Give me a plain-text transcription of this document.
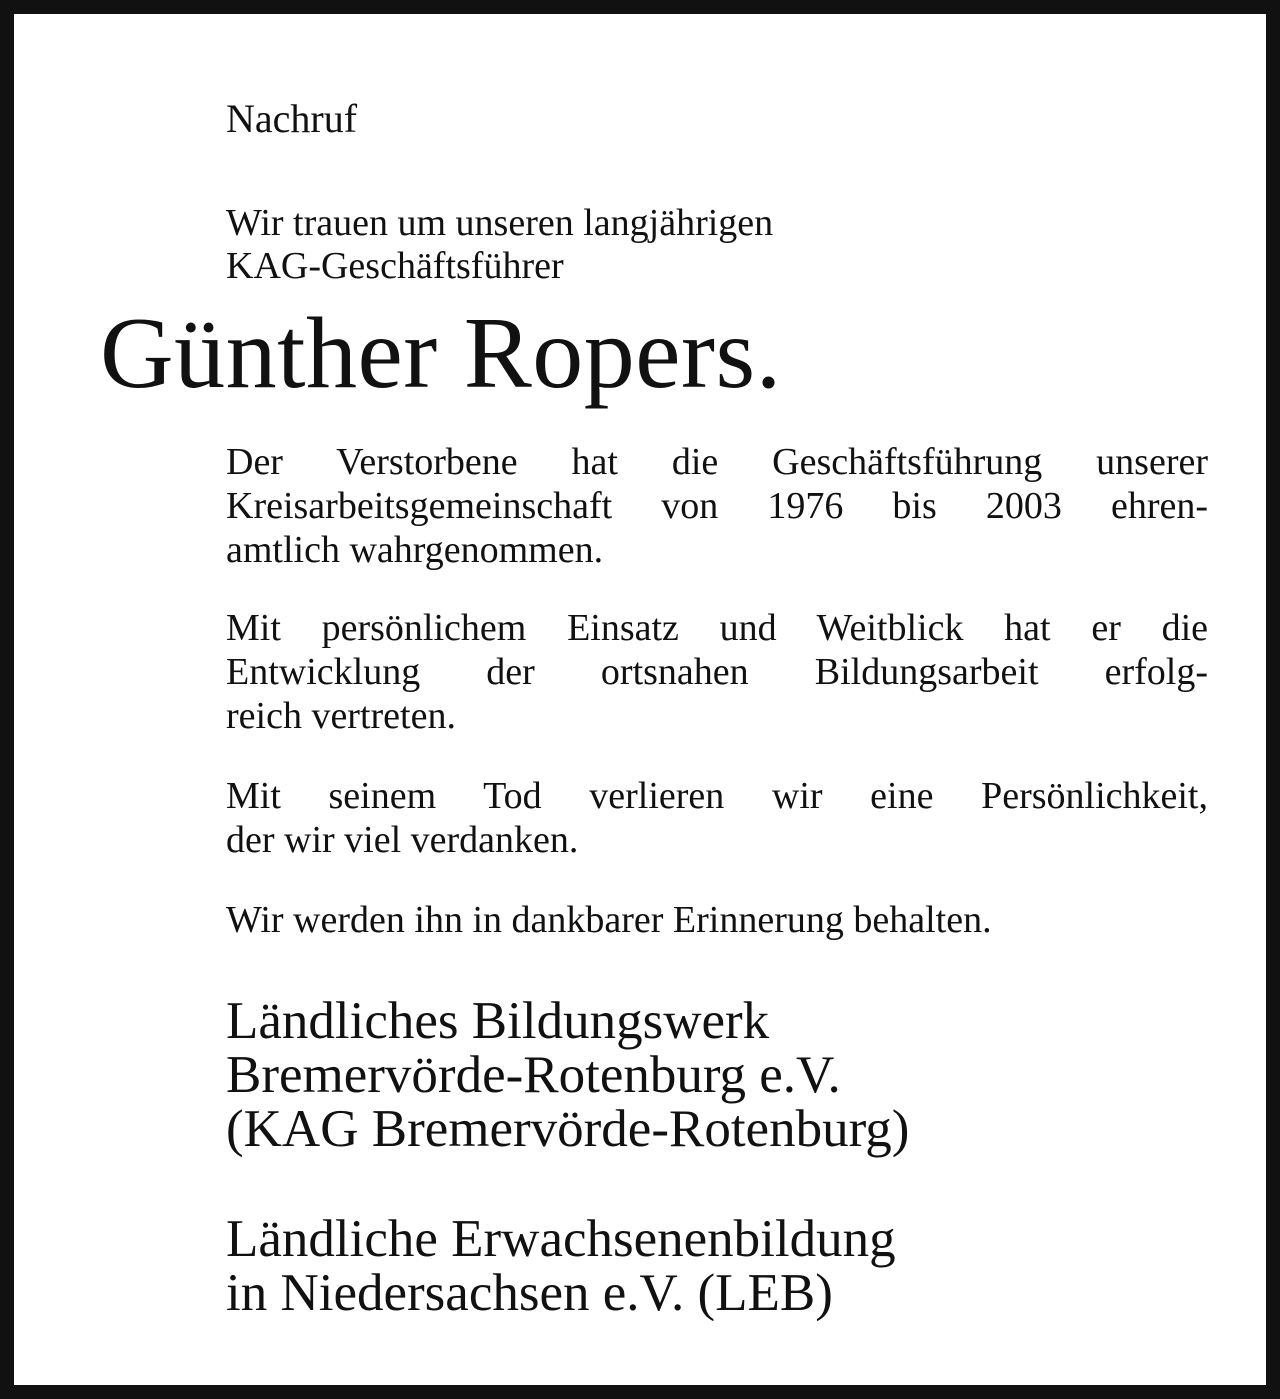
Nachruf
Wir trauen um unseren langjährigen
KAG-Geschäftsführer
Günther Ropers.
Der Verstorbene hat die Geschäftsführung unserer
Kreisarbeitsgemeinschaft von 1976 bis 2003 ehren-
amtlich wahrgenommen.
Mit persönlichem Einsatz und Weitblick hat er die
Entwicklung der ortsnahen Bildungsarbeit erfolg-
reich vertreten.
Mit seinem Tod verlieren wir eine Persönlichkeit,
der wir viel verdanken.
Wir werden ihn in dankbarer Erinnerung behalten.
Ländliches Bildungswerk
Bremervörde-Rotenburg e.V.
(KAG Bremervörde-Rotenburg)
Ländliche Erwachsenenbildung
in Niedersachsen e.V. (LEB)
